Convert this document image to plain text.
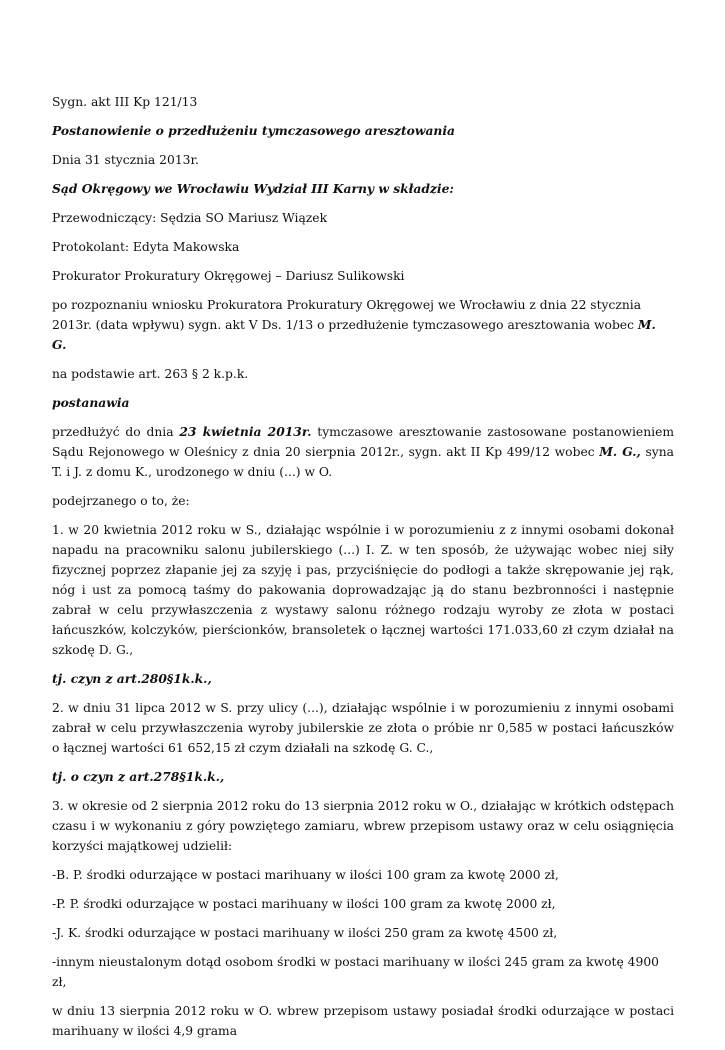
Sygn. akt III Kp 121/13

Postanowienie o przedłużeniu tymczasowego aresztowania

Dnia 31 stycznia 2013r.

Sąd Okręgowy we Wrocławiu Wydział III Karny w składzie:

Przewodniczący: Sędzia SO Mariusz Wiązek

Protokolant: Edyta Makowska

Prokurator Prokuratury Okręgowej – Dariusz Sulikowski

po rozpoznaniu wniosku Prokuratora Prokuratury Okręgowej we Wrocławiu z dnia 22 stycznia 2013r. (data wpływu) sygn. akt V Ds. 1/13 o przedłużenie tymczasowego aresztowania wobec M. G.

na podstawie art. 263 § 2 k.p.k.

postanawia

przedłużyć do dnia 23 kwietnia 2013r. tymczasowe aresztowanie zastosowane postanowieniem Sądu Rejonowego w Oleśnicy z dnia 20 sierpnia 2012r., sygn. akt II Kp 499/12 wobec M. G., syna T. i J. z domu K., urodzonego w dniu (...) w O.

podejrzanego o to, że:

1. w 20 kwietnia 2012 roku w S., działając wspólnie i w porozumieniu z z innymi osobami dokonał napadu na pracowniku salonu jubilerskiego (...) I. Z. w ten sposób, że używając wobec niej siły fizycznej poprzez złapanie jej za szyję i pas, przyciśnięcie do podłogi a także skrępowanie jej rąk, nóg i ust za pomocą taśmy do pakowania doprowadzając ją do stanu bezbronności i następnie zabrał w celu przywłaszczenia z wystawy salonu różnego rodzaju wyroby ze złota w postaci łańcuszków, kolczyków, pierścionków, bransoletek o łącznej wartości 171.033,60 zł czym działał na szkodę D. G.,

tj. czyn z art.280§1k.k.,

2. w dniu 31 lipca 2012 w S. przy ulicy (...), działając wspólnie i w porozumieniu z innymi osobami zabrał w celu przywłaszczenia wyroby jubilerskie ze złota o próbie nr 0,585 w postaci łańcuszków o łącznej wartości 61 652,15 zł czym działali na szkodę G. C.,

tj. o czyn z art.278§1k.k.,

3. w okresie od 2 sierpnia 2012 roku do 13 sierpnia 2012 roku w O., działając w krótkich odstępach czasu i w wykonaniu z góry powziętego zamiaru, wbrew przepisom ustawy oraz w celu osiągnięcia korzyści majątkowej udzielił:

-B. P. środki odurzające w postaci marihuany w ilości 100 gram za kwotę 2000 zł,

-P. P. środki odurzające w postaci marihuany w ilości 100 gram za kwotę 2000 zł,

-J. K. środki odurzające w postaci marihuany w ilości 250 gram za kwotę 4500 zł,

-innym nieustalonym dotąd osobom środki w postaci marihuany w ilości 245 gram za kwotę 4900 zł,

w dniu 13 sierpnia 2012 roku w O. wbrew przepisom ustawy posiadał środki odurzające w postaci marihuany w ilości 4,9 grama
